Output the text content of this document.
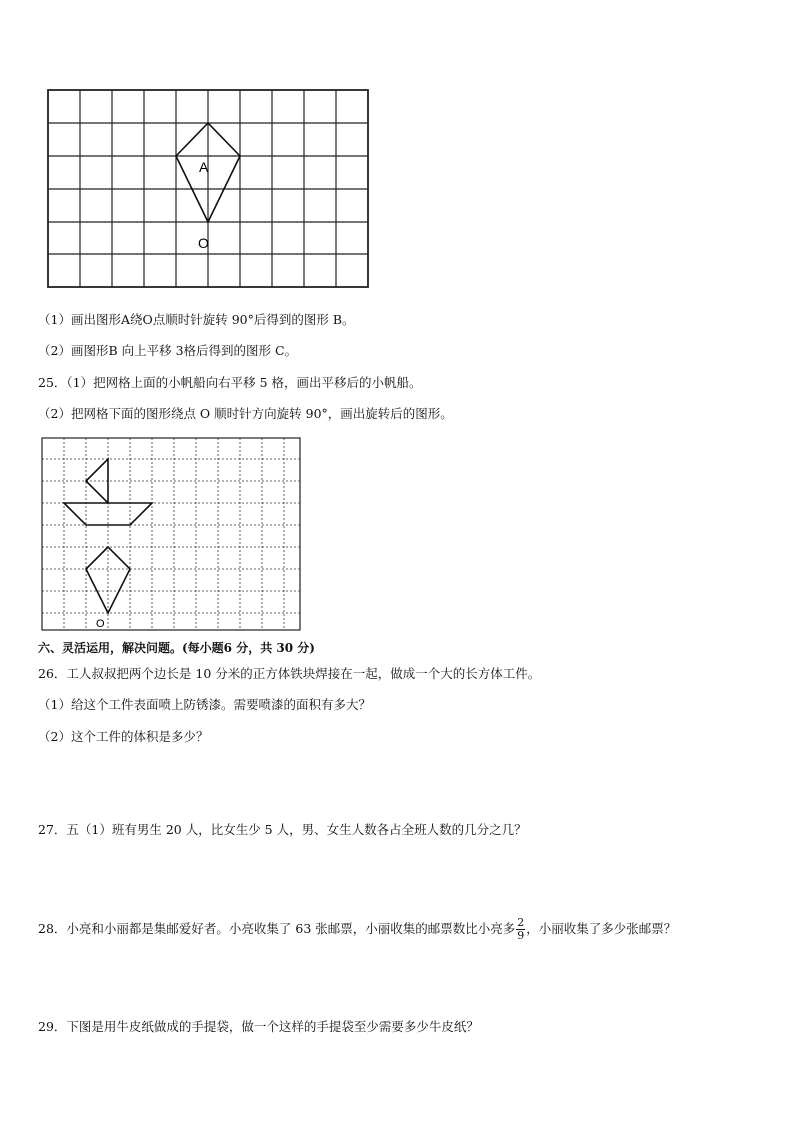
A
O
（1）画出图形A绕O点顺时针旋转 90°后得到的图形 B。
（2）画图形B 向上平移 3格后得到的图形 C。
25．（1）把网格上面的小帆船向右平移 5 格，画出平移后的小帆船。
（2）把网格下面的图形绕点 O 顺时针方向旋转 90°，画出旋转后的图形。
O
六、灵活运用，解决问题。(每小题6 分，共 30 分)
26．工人叔叔把两个边长是 10 分米的正方体铁块焊接在一起，做成一个大的长方体工件。
（1）给这个工件表面喷上防锈漆。需要喷漆的面积有多大？
（2）这个工件的体积是多少？
27．五（1）班有男生 20 人，比女生少 5 人，男、女生人数各占全班人数的几分之几？
28．小亮和小丽都是集邮爱好者。小亮收集了 63 张邮票，小丽收集的邮票数比小亮多 $\frac{2}{9}$ ，小丽收集了多少张邮票？
29．下图是用牛皮纸做成的手提袋，做一个这样的手提袋至少需要多少牛皮纸？
